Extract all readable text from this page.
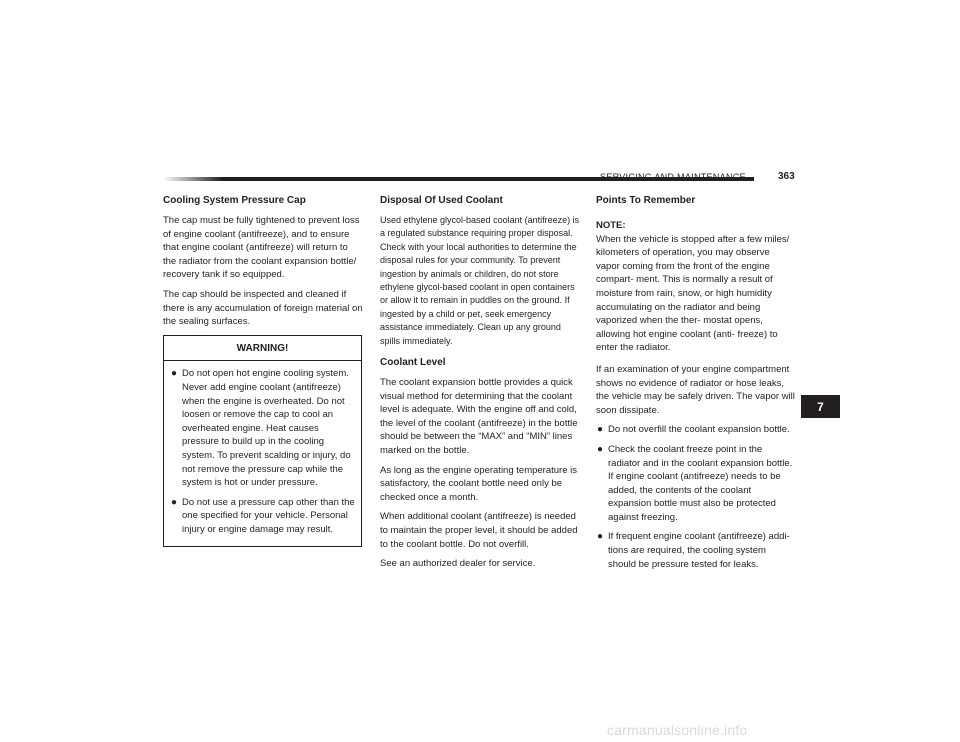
SERVICING AND MAINTENANCE	363
Cooling System Pressure Cap

The cap must be fully tightened to prevent loss of engine coolant (antifreeze), and to ensure that engine coolant (antifreeze) will return to the radiator from the coolant expansion bottle/ recovery tank if so equipped.

The cap should be inspected and cleaned if there is any accumulation of foreign material on the sealing surfaces.

WARNING!
● Do not open hot engine cooling system. Never add engine coolant (antifreeze) when the engine is overheated. Do not loosen or remove the cap to cool an overheated engine. Heat causes pressure to build up in the cooling system. To prevent scalding or injury, do not remove the pressure cap while the system is hot or under pressure.
● Do not use a pressure cap other than the one specified for your vehicle. Personal injury or engine damage may result.
Disposal Of Used Coolant

Used ethylene glycol-based coolant (antifreeze) is a regulated substance requiring proper disposal. Check with your local authorities to determine the disposal rules for your community. To prevent ingestion by animals or children, do not store ethylene glycol-based coolant in open containers or allow it to remain in puddles on the ground. If ingested by a child or pet, seek emergency assistance immediately. Clean up any ground spills immediately.

Coolant Level

The coolant expansion bottle provides a quick visual method for determining that the coolant level is adequate. With the engine off and cold, the level of the coolant (antifreeze) in the bottle should be between the “MAX” and “MIN” lines marked on the bottle.

As long as the engine operating temperature is satisfactory, the coolant bottle need only be checked once a month.

When additional coolant (antifreeze) is needed to maintain the proper level, it should be added to the coolant bottle. Do not overfill.

See an authorized dealer for service.

Points To Remember

NOTE:

When the vehicle is stopped after a few miles/ kilometers of operation, you may observe vapor coming from the front of the engine compart- ment. This is normally a result of moisture from rain, snow, or high humidity accumulating on the radiator and being vaporized when the ther- mostat opens, allowing hot engine coolant (anti- freeze) to enter the radiator.

If an examination of your engine compartment shows no evidence of radiator or hose leaks, the vehicle may be safely driven. The vapor will soon dissipate.

● Do not overfill the coolant expansion bottle.
● Check the coolant freeze point in the radiator and in the coolant expansion bottle. If engine coolant (antifreeze) needs to be added, the contents of the coolant expansion bottle must also be protected against freezing.
● If frequent engine coolant (antifreeze) addi- tions are required, the cooling system should be pressure tested for leaks.
7
carmanualsonline.info
